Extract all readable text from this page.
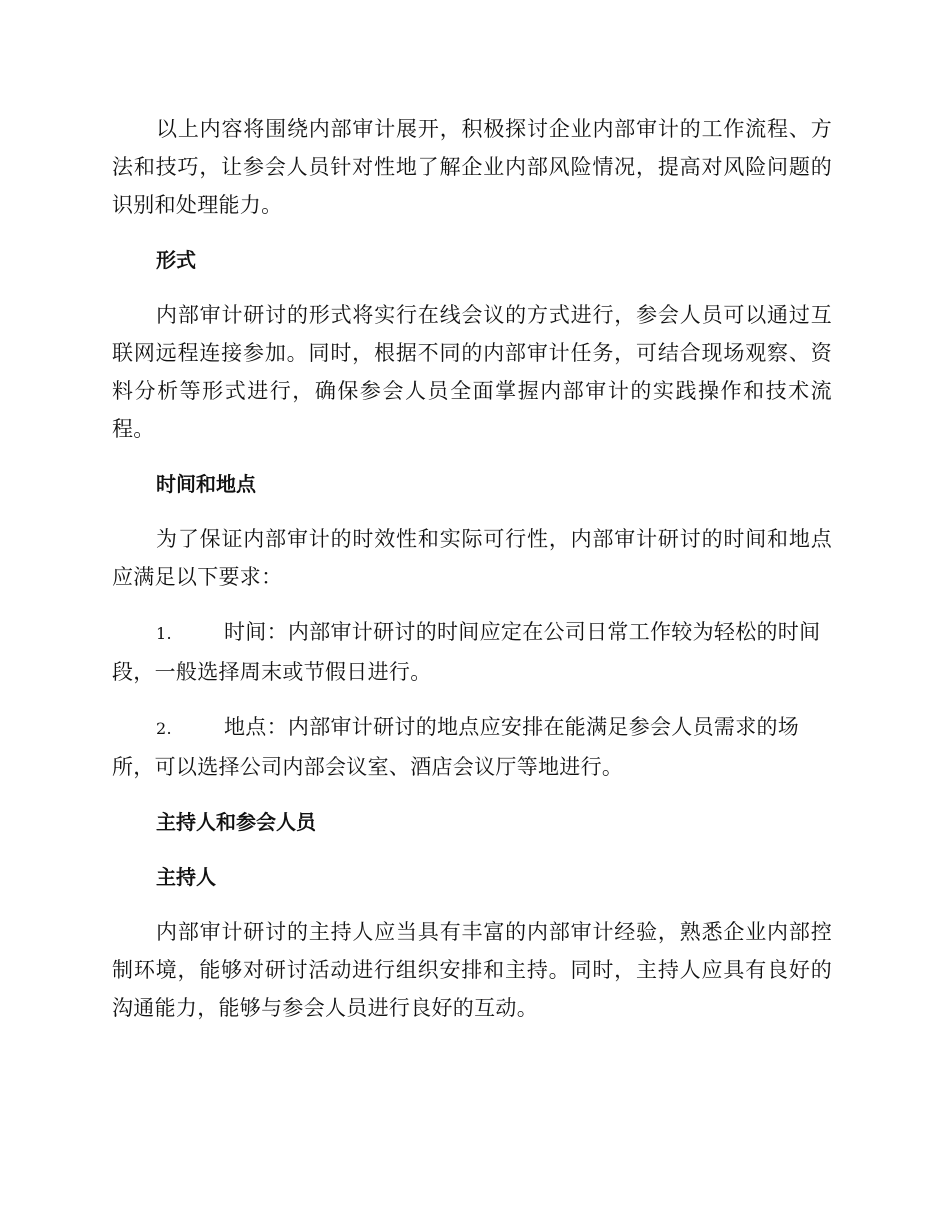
以上内容将围绕内部审计展开，积极探讨企业内部审计的工作流程、方法和技巧，让参会人员针对性地了解企业内部风险情况，提高对风险问题的识别和处理能力。

形式

内部审计研讨的形式将实行在线会议的方式进行，参会人员可以通过互联网远程连接参加。同时，根据不同的内部审计任务，可结合现场观察、资料分析等形式进行，确保参会人员全面掌握内部审计的实践操作和技术流程。

时间和地点

为了保证内部审计的时效性和实际可行性，内部审计研讨的时间和地点应满足以下要求：

1. 时间：内部审计研讨的时间应定在公司日常工作较为轻松的时间段，一般选择周末或节假日进行。

2. 地点：内部审计研讨的地点应安排在能满足参会人员需求的场所，可以选择公司内部会议室、酒店会议厅等地进行。

主持人和参会人员

主持人

内部审计研讨的主持人应当具有丰富的内部审计经验，熟悉企业内部控制环境，能够对研讨活动进行组织安排和主持。同时，主持人应具有良好的沟通能力，能够与参会人员进行良好的互动。
